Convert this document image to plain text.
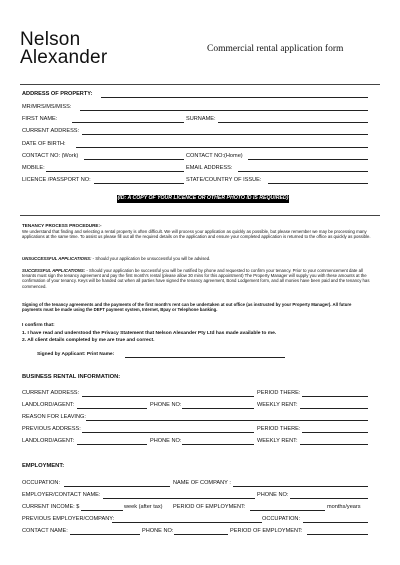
Nelson
Alexander	Commercial rental application form
ADDRESS OF PROPERTY:
MR/MRS/MS/MISS:
FIRST NAME:	SURNAME:
CURRENT ADDRESS:
DATE OF BIRTH:
CONTACT NO: (Work)	CONTACT NO:(Home)
MOBILE:	EMAIL ADDRESS:
LICENCE /PASSPORT NO:	STATE/COUNTRY OF ISSUE:
(ID: A COPY OF YOUR LICENCE OR OTHER PHOTO ID IS REQUIRED)
TENANCY PROCESS PROCEDURE:-
We understand that finding and selecting a rental property is often difficult. We will process your application as quickly as possible, but please remember we may be processing many applications at the same time. To assist us please fill out all the required details on the application and ensure your completed application is returned to the office as quickly as possible.
UNSUCCESSFUL APPLICATIONS: - Should your application be unsuccessful you will be advised.
SUCCESSFUL APPLICATIONS: - Should your application be successful you will be notified by phone and requested to confirm your tenancy. Prior to your commencement date all tenants must sign the tenancy agreement and pay the first month's rental (please allow 30 mins for this appointment) The Property Manager will supply you with these amounts at the confirmation of your tenancy. Keys will be handed out when all parties have signed the tenancy agreement, Bond Lodgement form, and all monies have been paid and the tenancy has commenced.
Signing of the tenancy agreements and the payments of the first month's rent can be undertaken at out office (as instructed by your Property Manager). All future payments must be made using the DEFT payment system, Internet, Bpay or Telephone banking.
I confirm that:
1. I have read and understood the Privacy Statement that Nelson Alexander Pty Ltd has made available to me.
2. All client details completed by me are true and correct.
Signed by Applicant: Print Name:
BUSINESS RENTAL INFORMATION:
CURRENT ADDRESS:	PERIOD THERE:
LANDLORD/AGENT:	PHONE NO:	WEEKLY RENT:
REASON FOR LEAVING:
PREVIOUS ADDRESS:	PERIOD THERE:
LANDLORD/AGENT:	PHONE NO:	WEEKLY RENT:
EMPLOYMENT:
OCCUPATION:	NAME OF COMPANY :
EMPLOYER/CONTACT NAME:	PHONE NO:
CURRENT INCOME: $	week (after tax) PERIOD OF EMPLOYMENT:	months/years
PREVIOUS EMPLOYER/COMPANY:	OCCUPATION:
CONTACT NAME:	PHONE NO:	PERIOD OF EMPLOYMENT:
